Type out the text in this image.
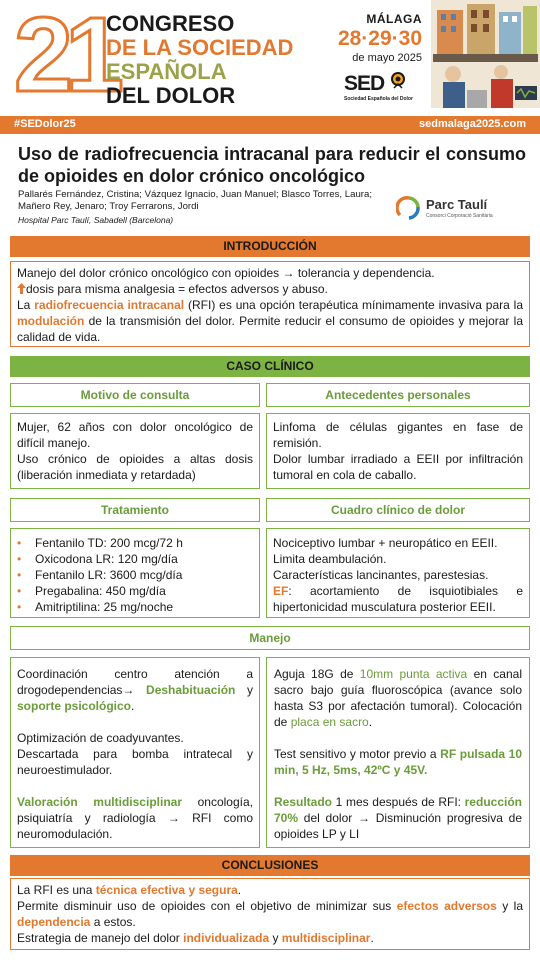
21
CONGRESO
DE LA SOCIEDAD
ESPAÑOLA
DEL DOLOR
MÁLAGA
28·29·30
de mayo 2025
SED
Sociedad Española del Dolor
#SEDolor25	sedmalaga2025.com
Uso de radiofrecuencia intracanal para reducir el consumo de opioides en dolor crónico oncológico
Pallarés Fernández, Cristina; Vázquez Ignacio, Juan Manuel; Blasco Torres, Laura; Mañero Rey, Jenaro; Troy Ferrarons, Jordi
Hospital Parc Taulí, Sabadell (Barcelona)
Parc Taulí
Consorci Corporació Sanitària
INTRODUCCIÓN
Manejo del dolor crónico oncológico con opioides → tolerancia y dependencia.
dosis para misma analgesia = efectos adversos y abuso.
La radiofrecuencia intracanal (RFI) es una opción terapéutica mínimamente invasiva para la modulación de la transmisión del dolor. Permite reducir el consumo de opioides y mejorar la calidad de vida.
CASO CLÍNICO
Motivo de consulta	Antecedentes personales
Mujer, 62 años con dolor oncológico de difícil manejo.
Uso crónico de opioides a altas dosis (liberación inmediata y retardada)
Linfoma de células gigantes en fase de remisión.
Dolor lumbar irradiado a EEII por infiltración tumoral en cola de caballo.
Tratamiento	Cuadro clínico de dolor
• Fentanilo TD: 200 mcg/72 h
• Oxicodona LR: 120 mg/día
• Fentanilo LR: 3600 mcg/día
• Pregabalina: 450 mg/día
• Amitriptilina: 25 mg/noche
Nociceptivo lumbar + neuropático en EEII.
Limita deambulación.
Características lancinantes, parestesias.
EF: acortamiento de isquiotibiales e hipertonicidad musculatura posterior EEII.
Manejo
Coordinación centro atención a drogodependencias→ Deshabituación y soporte psicológico.
Optimización de coadyuvantes.
Descartada para bomba intratecal y neuroestimulador.
Valoración multidisciplinar oncología, psiquiatría y radiología → RFI como neuromodulación.
Aguja 18G de 10mm punta activa en canal sacro bajo guía fluoroscópica (avance solo hasta S3 por afectación tumoral). Colocación de placa en sacro.
Test sensitivo y motor previo a RF pulsada 10 min, 5 Hz, 5ms, 42ºC y 45V.
Resultado 1 mes después de RFI: reducción 70% del dolor → Disminución progresiva de opioides LP y LI
CONCLUSIONES
La RFI es una técnica efectiva y segura.
Permite disminuir uso de opioides con el objetivo de minimizar sus efectos adversos y la dependencia a estos.
Estrategia de manejo del dolor individualizada y multidisciplinar.
